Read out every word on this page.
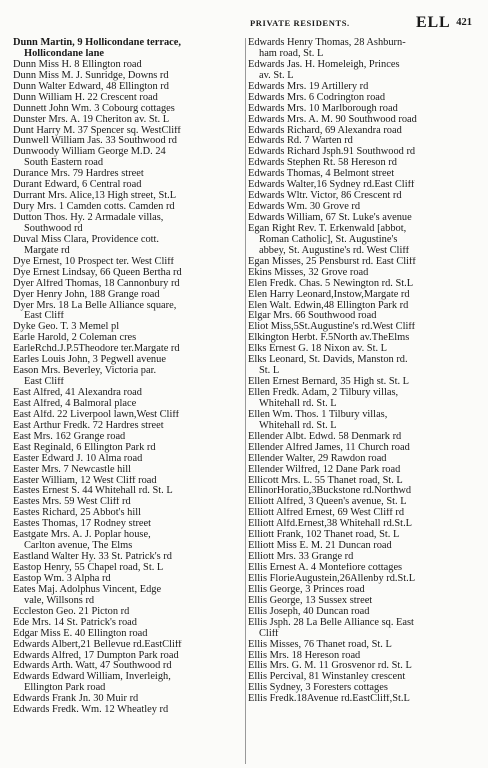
PRIVATE RESIDENTS.	ELL 421
Dunn Martin, 9 Hollicondane terrace,
Hollicondane lane
Dunn Miss H. 8 Ellington road
Dunn Miss M. J. Sunridge, Downs rd
Dunn Walter Edward, 48 Ellington rd
Dunn William H. 22 Crescent road
Dunnett John Wm. 3 Cobourg cottages
Dunster Mrs. A. 19 Cheriton av. St. L
Dunt Harry M. 37 Spencer sq. WestCliff
Dunwell William Jas. 33 Southwood rd
Dunwoody William George M.D. 24
South Eastern road
Durance Mrs. 79 Hardres street
Durant Edward, 6 Central road
Durrant Mrs. Alice,13 High street, St.L
Dury Mrs. 1 Camden cotts. Camden rd
Dutton Thos. Hy. 2 Armadale villas,
Southwood rd
Duval Miss Clara, Providence cott.
Margate rd
Dye Ernest, 10 Prospect ter. West Cliff
Dye Ernest Lindsay, 66 Queen Bertha rd
Dyer Alfred Thomas, 18 Cannonbury rd
Dyer Henry John, 188 Grange road
Dyer Mrs. 18 La Belle Alliance square,
East Cliff
Dyke Geo. T. 3 Memel pl
Earle Harold, 2 Coleman cres
EarleRchd.J.P.5Theodore ter.Margate rd
Earles Louis John, 3 Pegwell avenue
Eason Mrs. Beverley, Victoria par.
East Cliff
East Alfred, 41 Alexandra road
East Alfred, 4 Balmoral place
East Alfd. 22 Liverpool lawn,West Cliff
East Arthur Fredk. 72 Hardres street
East Mrs. 162 Grange road
East Reginald, 6 Ellington Park rd
Easter Edward J. 10 Alma road
Easter Mrs. 7 Newcastle hill
Easter William, 12 West Cliff road
Eastes Ernest S. 44 Whitehall rd. St. L
Eastes Mrs. 59 West Cliff rd
Eastes Richard, 25 Abbot's hill
Eastes Thomas, 17 Rodney street
Eastgate Mrs. A. J. Poplar house,
Carlton avenue, The Elms
Eastland Walter Hy. 33 St. Patrick's rd
Eastop Henry, 55 Chapel road, St. L
Eastop Wm. 3 Alpha rd
Eates Maj. Adolphus Vincent, Edge
vale, Willsons rd
Eccleston Geo. 21 Picton rd
Ede Mrs. 14 St. Patrick's road
Edgar Miss E. 40 Ellington road
Edwards Albert,21 Bellevue rd.EastCliff
Edwards Alfred, 17 Dumpton Park road
Edwards Arth. Watt, 47 Southwood rd
Edwards Edward William, Inverleigh,
Ellington Park road
Edwards Frank Jn. 30 Muir rd
Edwards Fredk. Wm. 12 Wheatley rd
Edwards Henry Thomas, 28 Ashburn-
ham road, St. L
Edwards Jas. H. Homeleigh, Princes
av. St. L
Edwards Mrs. 19 Artillery rd
Edwards Mrs. 6 Codrington road
Edwards Mrs. 10 Marlborough road
Edwards Mrs. A. M. 90 Southwood road
Edwards Richard, 69 Alexandra road
Edwards Rd. 7 Warten rd
Edwards Richard Jsph.91 Southwood rd
Edwards Stephen Rt. 58 Hereson rd
Edwards Thomas, 4 Belmont street
Edwards Walter,16 Sydney rd.East Cliff
Edwards Wltr. Victor, 86 Crescent rd
Edwards Wm. 30 Grove rd
Edwards William, 67 St. Luke's avenue
Egan Right Rev. T. Erkenwald [abbot,
Roman Catholic], St. Augustine's
abbey, St. Augustine's rd. West Cliff
Egan Misses, 25 Pensburst rd. East Cliff
Ekins Misses, 32 Grove road
Elen Fredk. Chas. 5 Newington rd. St.L
Elen Harry Leonard,Instow,Margate rd
Elen Walt. Edwin,48 Ellington Park rd
Elgar Mrs. 66 Southwood road
Eliot Miss,5St.Augustine's rd.West Cliff
Elkington Herbt. F.5North av.TheElms
Elks Ernest G. 18 Nixon av. St. L
Elks Leonard, St. Davids, Manston rd.
St. L
Ellen Ernest Bernard, 35 High st. St. L
Ellen Fredk. Adam, 2 Tilbury villas,
Whitehall rd. St. L
Ellen Wm. Thos. 1 Tilbury villas,
Whitehall rd. St. L
Ellender Albt. Edwd. 58 Denmark rd
Ellender Alfred James, 11 Church road
Ellender Walter, 29 Rawdon road
Ellender Wilfred, 12 Dane Park road
Ellicott Mrs. L. 55 Thanet road, St. L
EllinorHoratio,3Buckstone rd.Northwd
Elliott Alfred, 3 Queen's avenue, St. L
Elliott Alfred Ernest, 69 West Cliff rd
Elliott Alfd.Ernest,38 Whitehall rd.St.L
Elliott Frank, 102 Thanet road, St. L
Elliott Miss E. M. 21 Duncan road
Elliott Mrs. 33 Grange rd
Ellis Ernest A. 4 Montefiore cottages
Ellis FlorieAugustein,26Allenby rd.St.L
Ellis George, 3 Princes road
Ellis George, 13 Sussex street
Ellis Joseph, 40 Duncan road
Ellis Jsph. 28 La Belle Alliance sq. East
Cliff
Ellis Misses, 76 Thanet road, St. L
Ellis Mrs. 18 Hereson road
Ellis Mrs. G. M. 11 Grosvenor rd. St. L
Ellis Percival, 81 Winstanley crescent
Ellis Sydney, 3 Foresters cottages
Ellis Fredk.18Avenue rd.EastCliff,St.L
